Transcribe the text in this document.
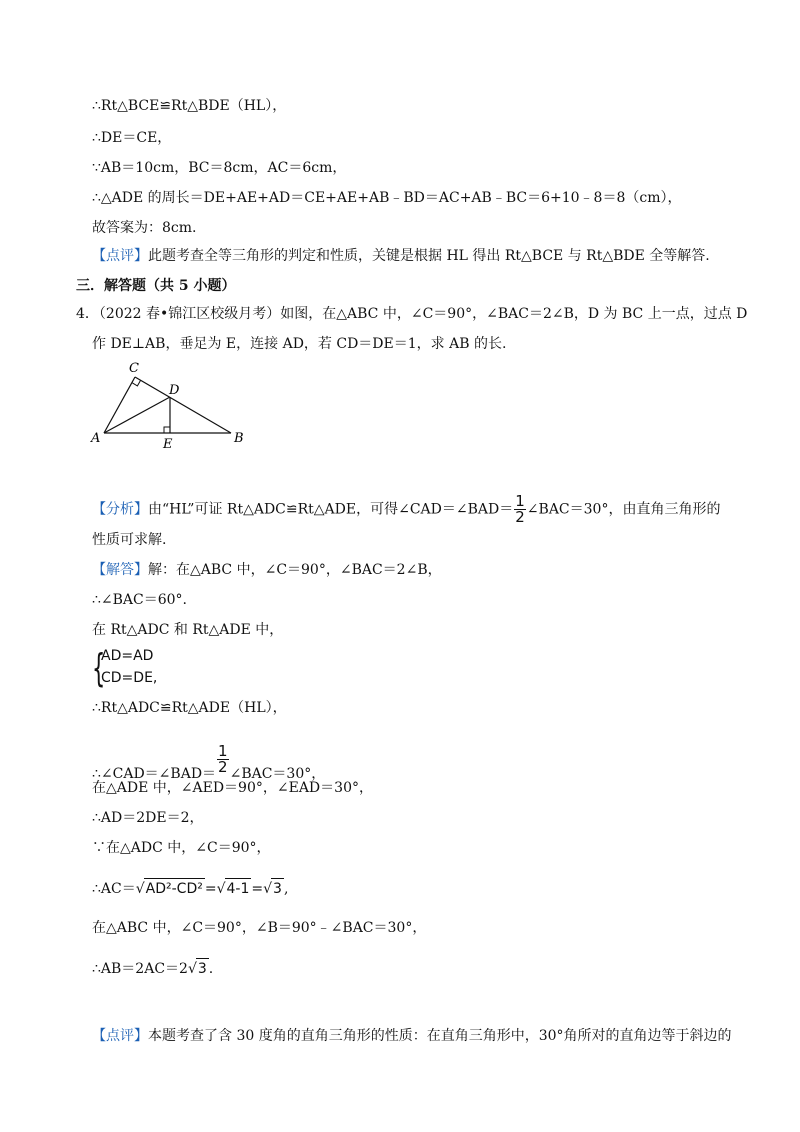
∴Rt△BCE≌Rt△BDE（HL），
∴DE＝CE，
∵AB＝10cm，BC＝8cm，AC＝6cm，
∴△ADE 的周长＝DE+AE+AD＝CE+AE+AB﹣BD＝AC+AB﹣BC＝6+10﹣8＝8（cm），
故答案为：8cm.
【点评】此题考查全等三角形的判定和性质，关键是根据 HL 得出 Rt△BCE 与 Rt△BDE 全等解答.
三．解答题（共 5 小题）
4．（2022 春•锦江区校级月考）如图，在△ABC 中，∠C＝90°，∠BAC＝2∠B，D 为 BC 上一点，过点 D
作 DE⊥AB，垂足为 E，连接 AD，若 CD＝DE＝1，求 AB 的长.
C
D
A	E	B
【分析】由“HL”可证 Rt△ADC≌Rt△ADE，可得∠CAD＝∠BAD＝ $\frac{1}{2}$ ∠BAC＝30°，由直角三角形的
性质可求解.
【解答】解：在△ABC 中，∠C＝90°，∠BAC＝2∠B，
∴∠BAC＝60°.
在 Rt△ADC 和 Rt△ADE 中，
{
AD=AD
CD=DE,
∴Rt△ADC≌Rt△ADE（HL），
∴∠CAD＝∠BAD＝ $\frac{1}{2}$ ∠BAC＝30°，
在△ADE 中，∠AED＝90°，∠EAD＝30°，
∴AD＝2DE＝2，
∵在△ADC 中，∠C＝90°，
∴AC＝√AD²-CD² =√4-1 =√3 ,
在△ABC 中，∠C＝90°，∠B＝90°﹣∠BAC＝30°，
∴AB＝2AC＝2√3 .
【点评】本题考查了含 30 度角的直角三角形的性质：在直角三角形中，30°角所对的直角边等于斜边的
